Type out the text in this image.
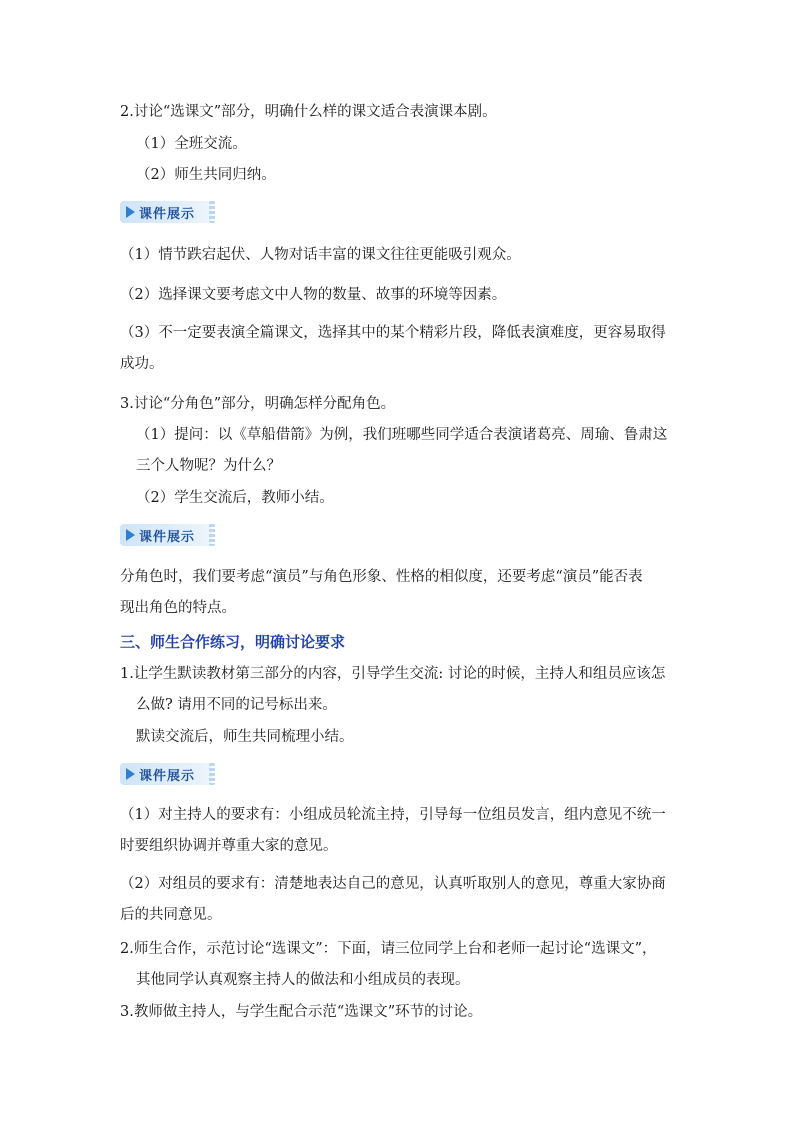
2.讨论“选课文”部分，明确什么样的课文适合表演课本剧。
（1）全班交流。
（2）师生共同归纳。
课件展示
（1）情节跌宕起伏、人物对话丰富的课文往往更能吸引观众。
（2）选择课文要考虑文中人物的数量、故事的环境等因素。
（3）不一定要表演全篇课文，选择其中的某个精彩片段，降低表演难度，更容易取得
成功。
3.讨论“分角色”部分，明确怎样分配角色。
（1）提问：以《草船借箭》为例，我们班哪些同学适合表演诸葛亮、周瑜、鲁肃这
三个人物呢？为什么？
（2）学生交流后，教师小结。
课件展示
分角色时，我们要考虑“演员”与角色形象、性格的相似度，还要考虑“演员”能否表
现出角色的特点。
三、师生合作练习，明确讨论要求
1.让学生默读教材第三部分的内容，引导学生交流: 讨论的时候，主持人和组员应该怎
么做? 请用不同的记号标出来。
默读交流后，师生共同梳理小结。
课件展示
（1）对主持人的要求有：小组成员轮流主持，引导每一位组员发言，组内意见不统一
时要组织协调并尊重大家的意见。
（2）对组员的要求有：清楚地表达自己的意见，认真听取别人的意见，尊重大家协商
后的共同意见。
2.师生合作，示范讨论“选课文”：下面，请三位同学上台和老师一起讨论“选课文”，
其他同学认真观察主持人的做法和小组成员的表现。
3.教师做主持人，与学生配合示范“选课文”环节的讨论。
